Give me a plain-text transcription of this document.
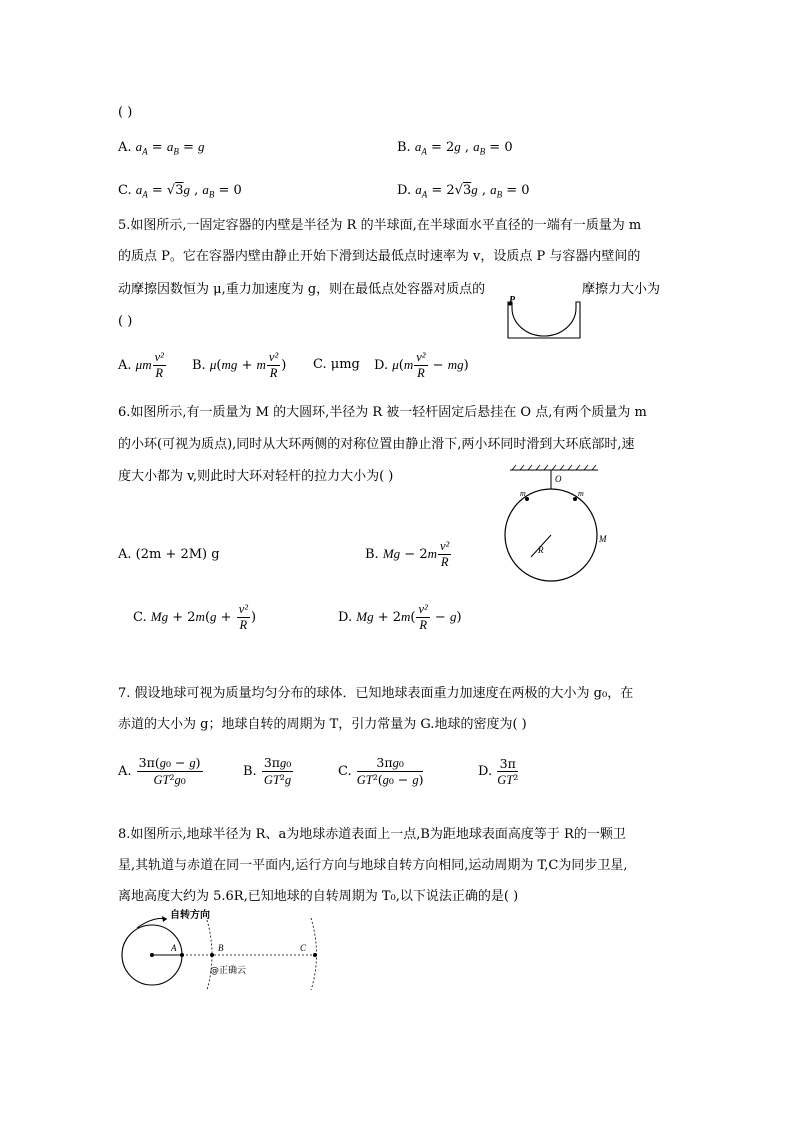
( )
A. $a_A = a_B = g$	B. $a_A = 2g$ , $a_B = 0$
C. $a_A = √3g$ , $a_B = 0$	D. $a_A = 2√3g$ , $a_B = 0$
5.如图所示,一固定容器的内壁是半径为 R 的半球面,在半球面水平直径的一端有一质量为 m
的质点 P。它在容器内壁由静止开始下滑到达最低点时速率为 v，设质点 P 与容器内壁间的
动摩擦因数恒为 μ,重力加速度为 g，则在最低点处容器对质点的	摩擦力大小为
( )
P
A. μm $\frac{\text{v²}}{R} B$. μ(mg + m $\frac{\text{v²}}{R}$ ) C. μmg D. $\mu(m \frac{\text{v²}}{R} - mg)$
6.如图所示,有一质量为 M 的大圆环,半径为 R 被一轻杆固定后悬挂在 O 点,有两个质量为 m
的小环(可视为质点),同时从大环两侧的对称位置由静止滑下,两小环同时滑到大环底部时,速
度大小都为 v,则此时大环对轻杆的拉力大小为( )	O
m	m
R
M
A. (2m + 2M) g	B. $Mg - 2m \frac{\text{v²}}{R}$
C. $Mg + 2m(g + \frac{\text{v²}}{R}$ )	D. $Mg + 2m( \frac{\text{v²}}{R} - g)$
7. 假设地球可视为质量均匀分布的球体．已知地球表面重力加速度在两极的大小为 g₀，在
赤道的大小为 g；地球自转的周期为 T，引力常量为 G.地球的密度为( )
A. $\frac{\text{3π(g₀ − g)}}{\text{GT²g₀}}$	B. $\frac{\text{3πg₀}}{\text{GT²g}}$	C. $\frac{\text{3πg₀}}{\text{GT²(g₀ − g)}}$	D. $\frac{3\pi}{\text{GT²}}$
8.如图所示,地球半径为 R、a为地球赤道表面上一点,B为距地球表面高度等于 R的一颗卫
星,其轨道与赤道在同一平面内,运行方向与地球自转方向相同,运动周期为 T,C为同步卫星,
离地高度大约为 5.6R,已知地球的自转周期为 T₀,以下说法正确的是( )
自转方向
A	B	C
@正确云
